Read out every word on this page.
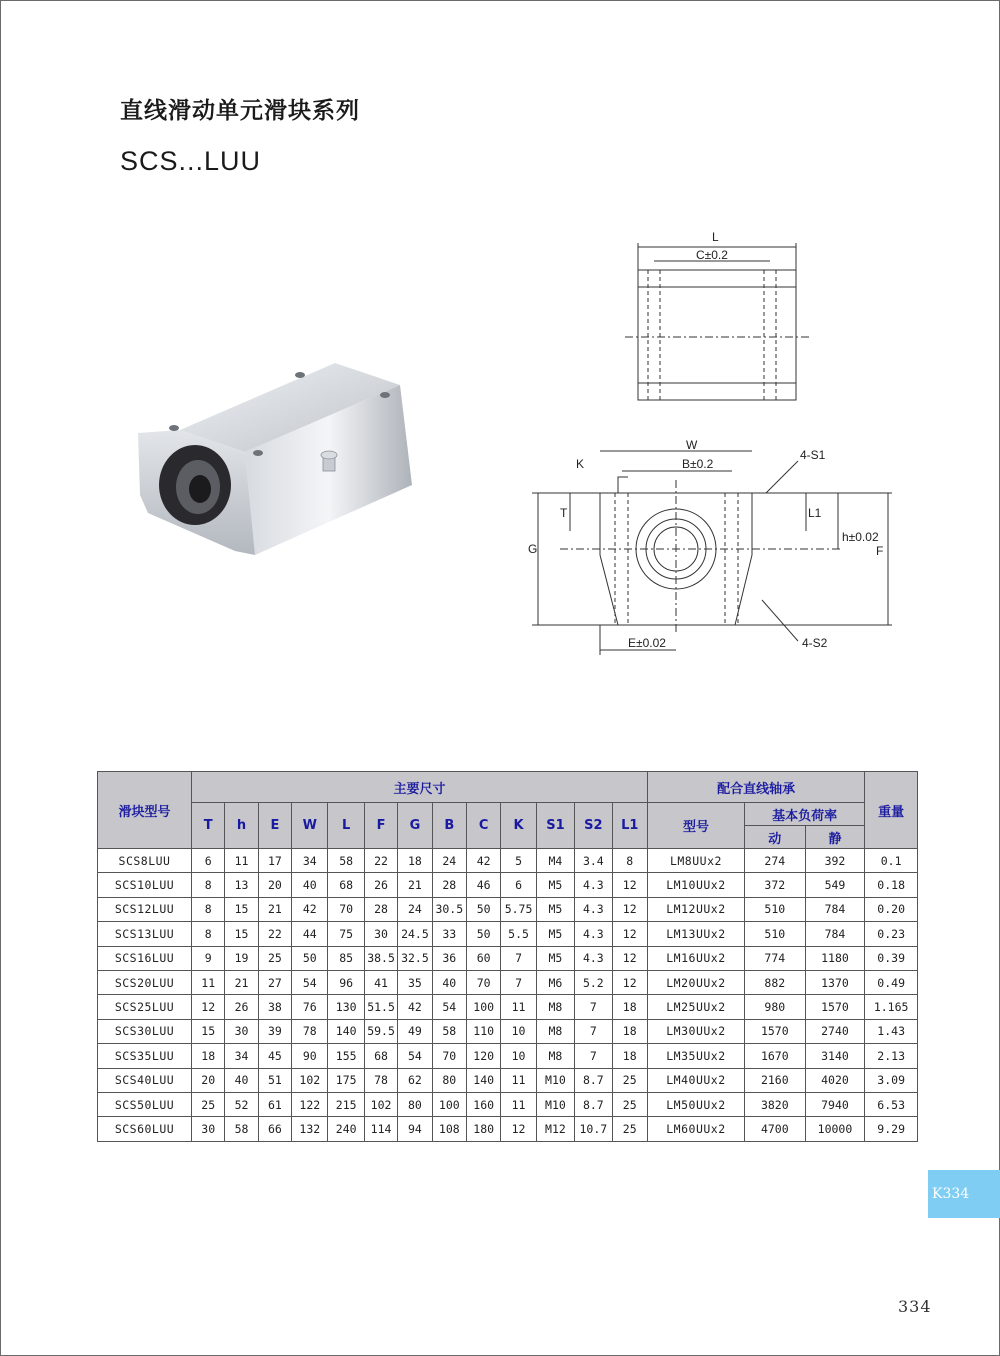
直线滑动单元滑块系列
SCS...LUU
L
C±0.2
W
B±0.2
K
4-S1
4-S2
T
G
L1
h±0.02
F
E±0.02
滑块型号	主要尺寸													配合直线轴承			重量
	T	h	E	W	L	F	G	B	C	K	S1	S2	L1	型号	基本负荷率		
															动	静	
SCS8LUU	6	11	17	34	58	22	18	24	42	5	M4	3.4	8	LM8UUx2	274	392	0.1
SCS10LUU	8	13	20	40	68	26	21	28	46	6	M5	4.3	12	LM10UUx2	372	549	0.18
SCS12LUU	8	15	21	42	70	28	24	30.5	50	5.75	M5	4.3	12	LM12UUx2	510	784	0.20
SCS13LUU	8	15	22	44	75	30	24.5	33	50	5.5	M5	4.3	12	LM13UUx2	510	784	0.23
SCS16LUU	9	19	25	50	85	38.5	32.5	36	60	7	M5	4.3	12	LM16UUx2	774	1180	0.39
SCS20LUU	11	21	27	54	96	41	35	40	70	7	M6	5.2	12	LM20UUx2	882	1370	0.49
SCS25LUU	12	26	38	76	130	51.5	42	54	100	11	M8	7	18	LM25UUx2	980	1570	1.165
SCS30LUU	15	30	39	78	140	59.5	49	58	110	10	M8	7	18	LM30UUx2	1570	2740	1.43
SCS35LUU	18	34	45	90	155	68	54	70	120	10	M8	7	18	LM35UUx2	1670	3140	2.13
SCS40LUU	20	40	51	102	175	78	62	80	140	11	M10	8.7	25	LM40UUx2	2160	4020	3.09
SCS50LUU	25	52	61	122	215	102	80	100	160	11	M10	8.7	25	LM50UUx2	3820	7940	6.53
SCS60LUU	30	58	66	132	240	114	94	108	180	12	M12	10.7	25	LM60UUx2	4700	10000	9.29
K334
334
